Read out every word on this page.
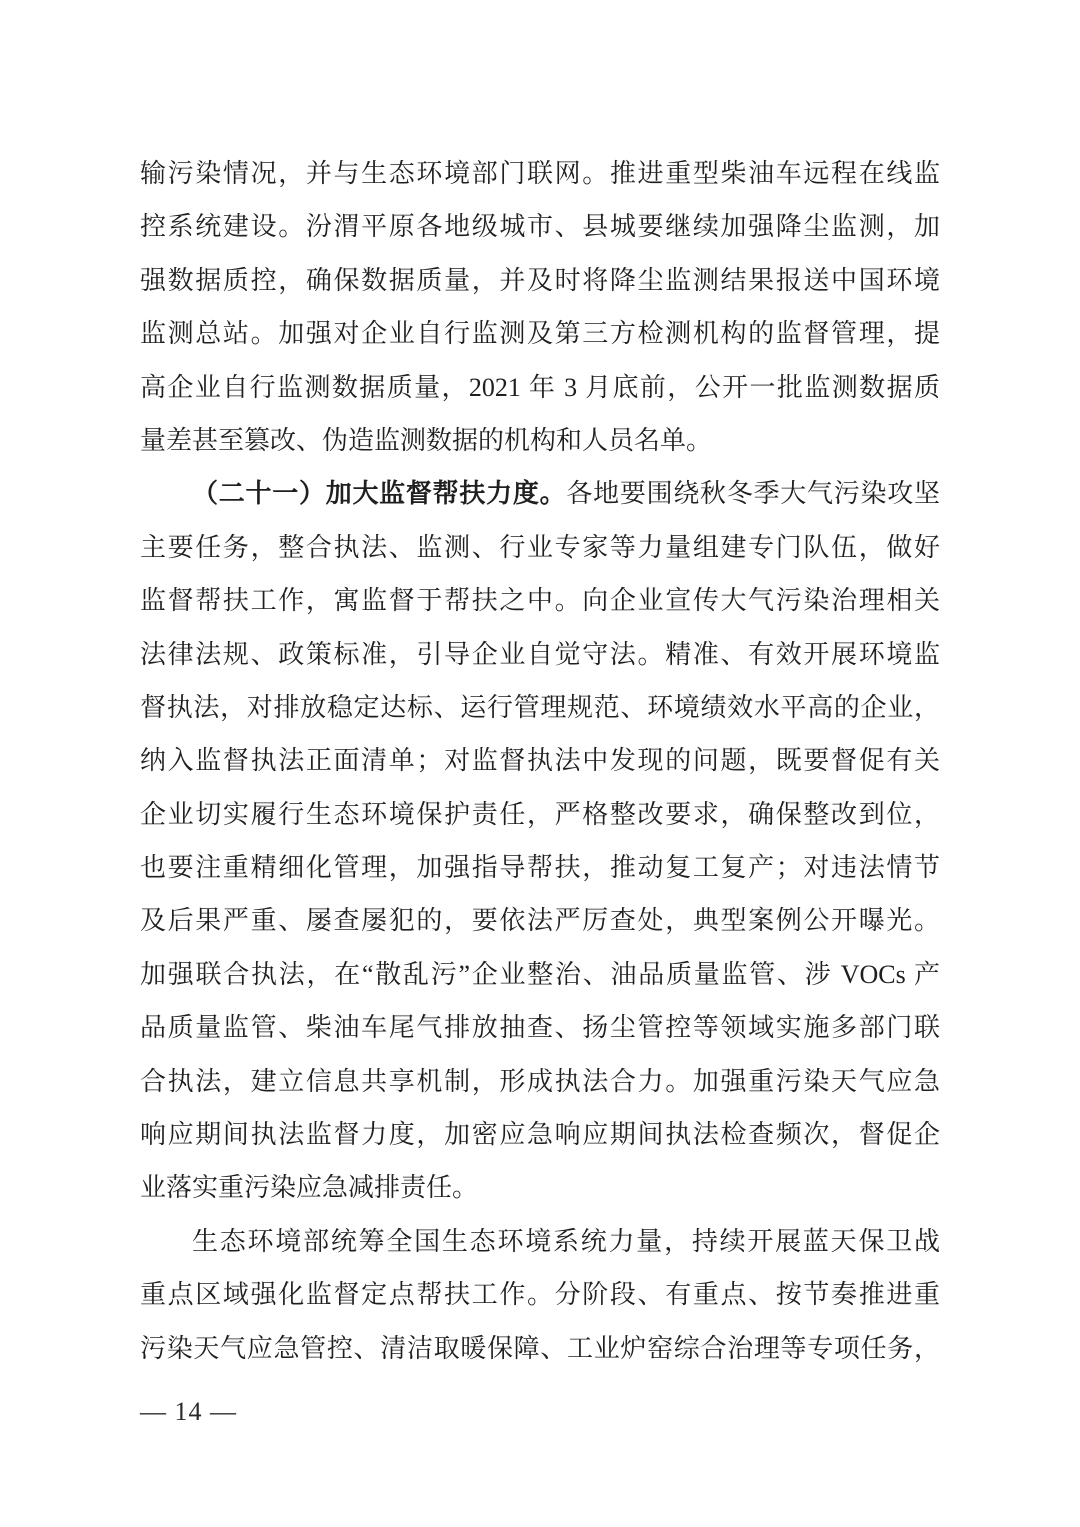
输污染情况，并与生态环境部门联网。推进重型柴油车远程在线监
控系统建设。汾渭平原各地级城市、县城要继续加强降尘监测，加
强数据质控，确保数据质量，并及时将降尘监测结果报送中国环境
监测总站。加强对企业自行监测及第三方检测机构的监督管理，提
高企业自行监测数据质量，2021 年 3 月底前，公开一批监测数据质
量差甚至篡改、伪造监测数据的机构和人员名单。
（二十一）加大监督帮扶力度。各地要围绕秋冬季大气污染攻坚
主要任务，整合执法、监测、行业专家等力量组建专门队伍，做好
监督帮扶工作，寓监督于帮扶之中。向企业宣传大气污染治理相关
法律法规、政策标准，引导企业自觉守法。精准、有效开展环境监
督执法，对排放稳定达标、运行管理规范、环境绩效水平高的企业，
纳入监督执法正面清单；对监督执法中发现的问题，既要督促有关
企业切实履行生态环境保护责任，严格整改要求，确保整改到位，
也要注重精细化管理，加强指导帮扶，推动复工复产；对违法情节
及后果严重、屡查屡犯的，要依法严厉查处，典型案例公开曝光。
加强联合执法，在“散乱污”企业整治、油品质量监管、涉 VOCs 产
品质量监管、柴油车尾气排放抽查、扬尘管控等领域实施多部门联
合执法，建立信息共享机制，形成执法合力。加强重污染天气应急
响应期间执法监督力度，加密应急响应期间执法检查频次，督促企
业落实重污染应急减排责任。
生态环境部统筹全国生态环境系统力量，持续开展蓝天保卫战
重点区域强化监督定点帮扶工作。分阶段、有重点、按节奏推进重
污染天气应急管控、清洁取暖保障、工业炉窑综合治理等专项任务，
— 14 —
